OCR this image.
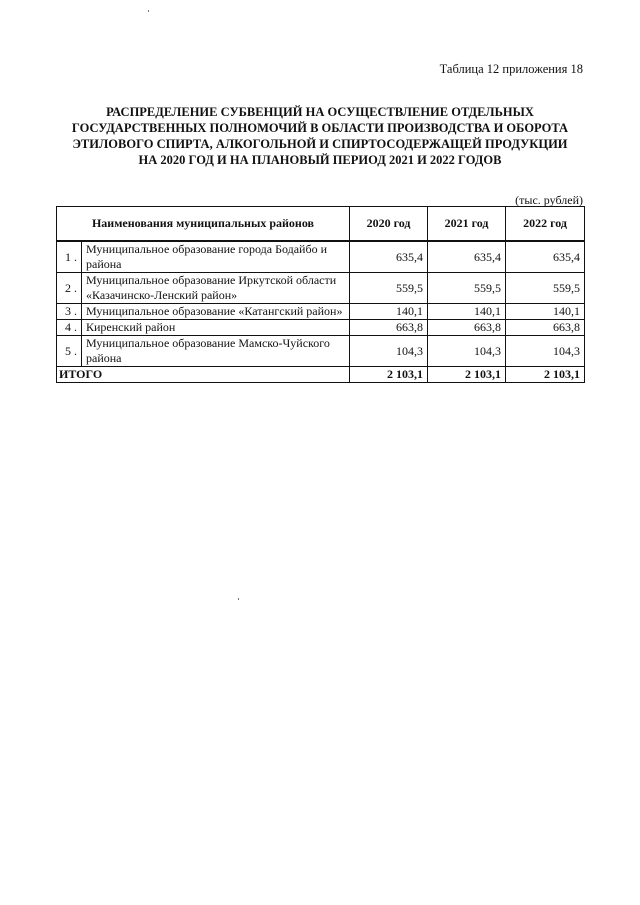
Таблица 12 приложения 18
РАСПРЕДЕЛЕНИЕ СУБВЕНЦИЙ НА ОСУЩЕСТВЛЕНИЕ ОТДЕЛЬНЫХ
ГОСУДАРСТВЕННЫХ ПОЛНОМОЧИЙ В ОБЛАСТИ ПРОИЗВОДСТВА И ОБОРОТА
ЭТИЛОВОГО СПИРТА, АЛКОГОЛЬНОЙ И СПИРТОСОДЕРЖАЩЕЙ ПРОДУКЦИИ
НА 2020 ГОД И НА ПЛАНОВЫЙ ПЕРИОД 2021 И 2022 ГОДОВ
(тыс. рублей)
Наименования муниципальных районов		2020 год	2021 год	2022 год
1 .	Муниципальное образование города Бодайбо и района	635,4	635,4	635,4
2 .	Муниципальное образование Иркутской области «Казачинско-Ленский район»	559,5	559,5	559,5
3 .	Муниципальное образование «Катангский район»	140,1	140,1	140,1
4 .	Киренский район	663,8	663,8	663,8
5 .	Муниципальное образование Мамско-Чуйского района	104,3	104,3	104,3
ИТОГО		2 103,1	2 103,1	2 103,1
